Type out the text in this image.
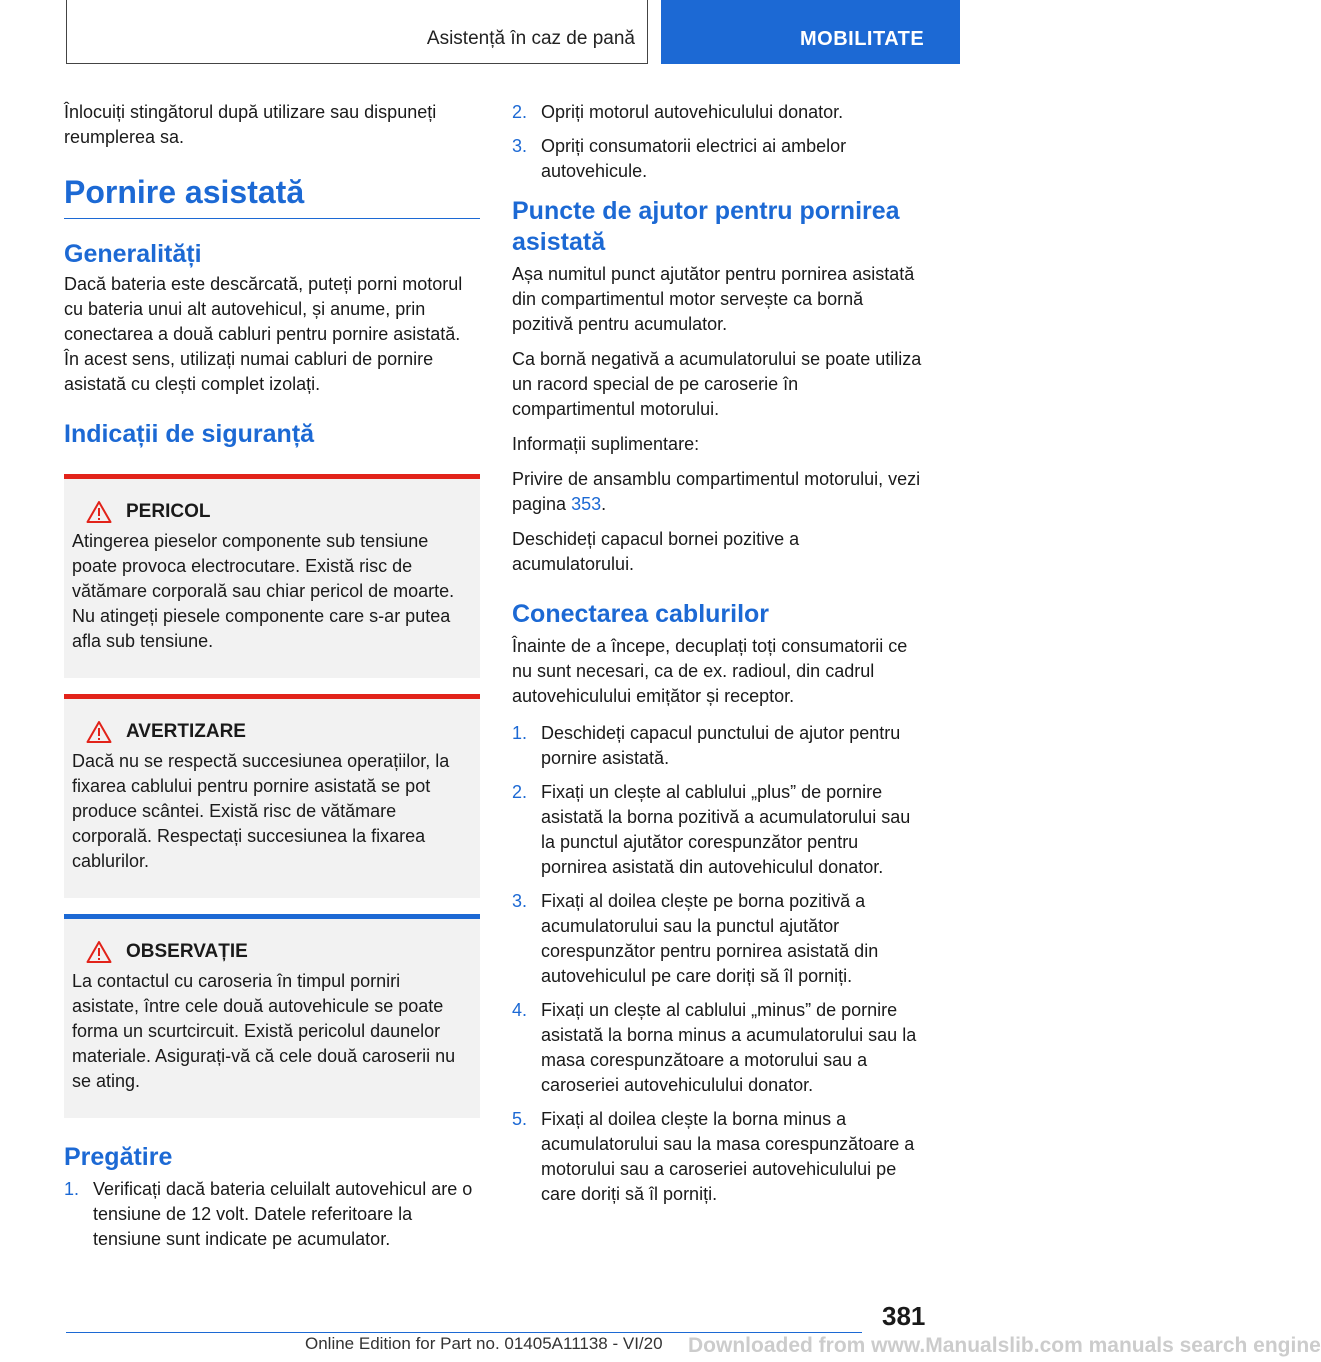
Asistență în caz de pană	MOBILITATE

Înlocuiți stingătorul după utilizare sau dispuneți reumplerea sa.

Pornire asistată
Generalități

Dacă bateria este descărcată, puteți porni motorul cu bateria unui alt autovehicul, și anume, prin conectarea a două cabluri pentru pornire asistată. În acest sens, utilizați numai cabluri de pornire asistată cu clești complet izolați.

Indicații de siguranță
PERICOL
Atingerea pieselor componente sub tensiune poate provoca electrocutare. Există risc de vătămare corporală sau chiar pericol de moarte. Nu atingeți piesele componente care s-ar putea afla sub tensiune.
AVERTIZARE
Dacă nu se respectă succesiunea operațiilor, la fixarea cablului pentru pornire asistată se pot produce scântei. Există risc de vătămare corporală. Respectați succesiunea la fixarea cablurilor.
OBSERVAȚIE
La contactul cu caroseria în timpul porniri asistate, între cele două autovehicule se poate forma un scurtcircuit. Există pericolul daunelor materiale. Asigurați-vă că cele două caroserii nu se ating.
Pregătire
1. Verificați dacă bateria celuilalt autovehicul are o tensiune de 12 volt. Datele referitoare la tensiune sunt indicate pe acumulator.
2. Opriți motorul autovehiculului donator.
3. Opriți consumatorii electrici ai ambelor autovehicule.
Puncte de ajutor pentru pornirea asistată

Așa numitul punct ajutător pentru pornirea asistată din compartimentul motor servește ca bornă pozitivă pentru acumulator.

Ca bornă negativă a acumulatorului se poate utiliza un racord special de pe caroserie în compartimentul motorului.

Informații suplimentare:

Privire de ansamblu compartimentul motorului, vezi pagina 353.

Deschideți capacul bornei pozitive a acumulatorului.

Conectarea cablurilor

Înainte de a începe, decuplați toți consumatorii ce nu sunt necesari, ca de ex. radioul, din cadrul autovehiculului emițător și receptor.

1. Deschideți capacul punctului de ajutor pentru pornire asistată.
2. Fixați un clește al cablului „plus” de pornire asistată la borna pozitivă a acumulatorului sau la punctul ajutător corespunzător pentru pornirea asistată din autovehiculul donator.
3. Fixați al doilea clește pe borna pozitivă a acumulatorului sau la punctul ajutător corespunzător pentru pornirea asistată din autovehiculul pe care doriți să îl porniți.
4. Fixați un clește al cablului „minus” de pornire asistată la borna minus a acumulatorului sau la masa corespunzătoare a motorului sau a caroseriei autovehiculului donator.
5. Fixați al doilea clește la borna minus a acumulatorului sau la masa corespunzătoare a motorului sau a caroseriei autovehiculului pe care doriți să îl porniți.
381
Online Edition for Part no. 01405A11138 - VI/20 Downloaded from www.Manualslib.com manuals search engine
